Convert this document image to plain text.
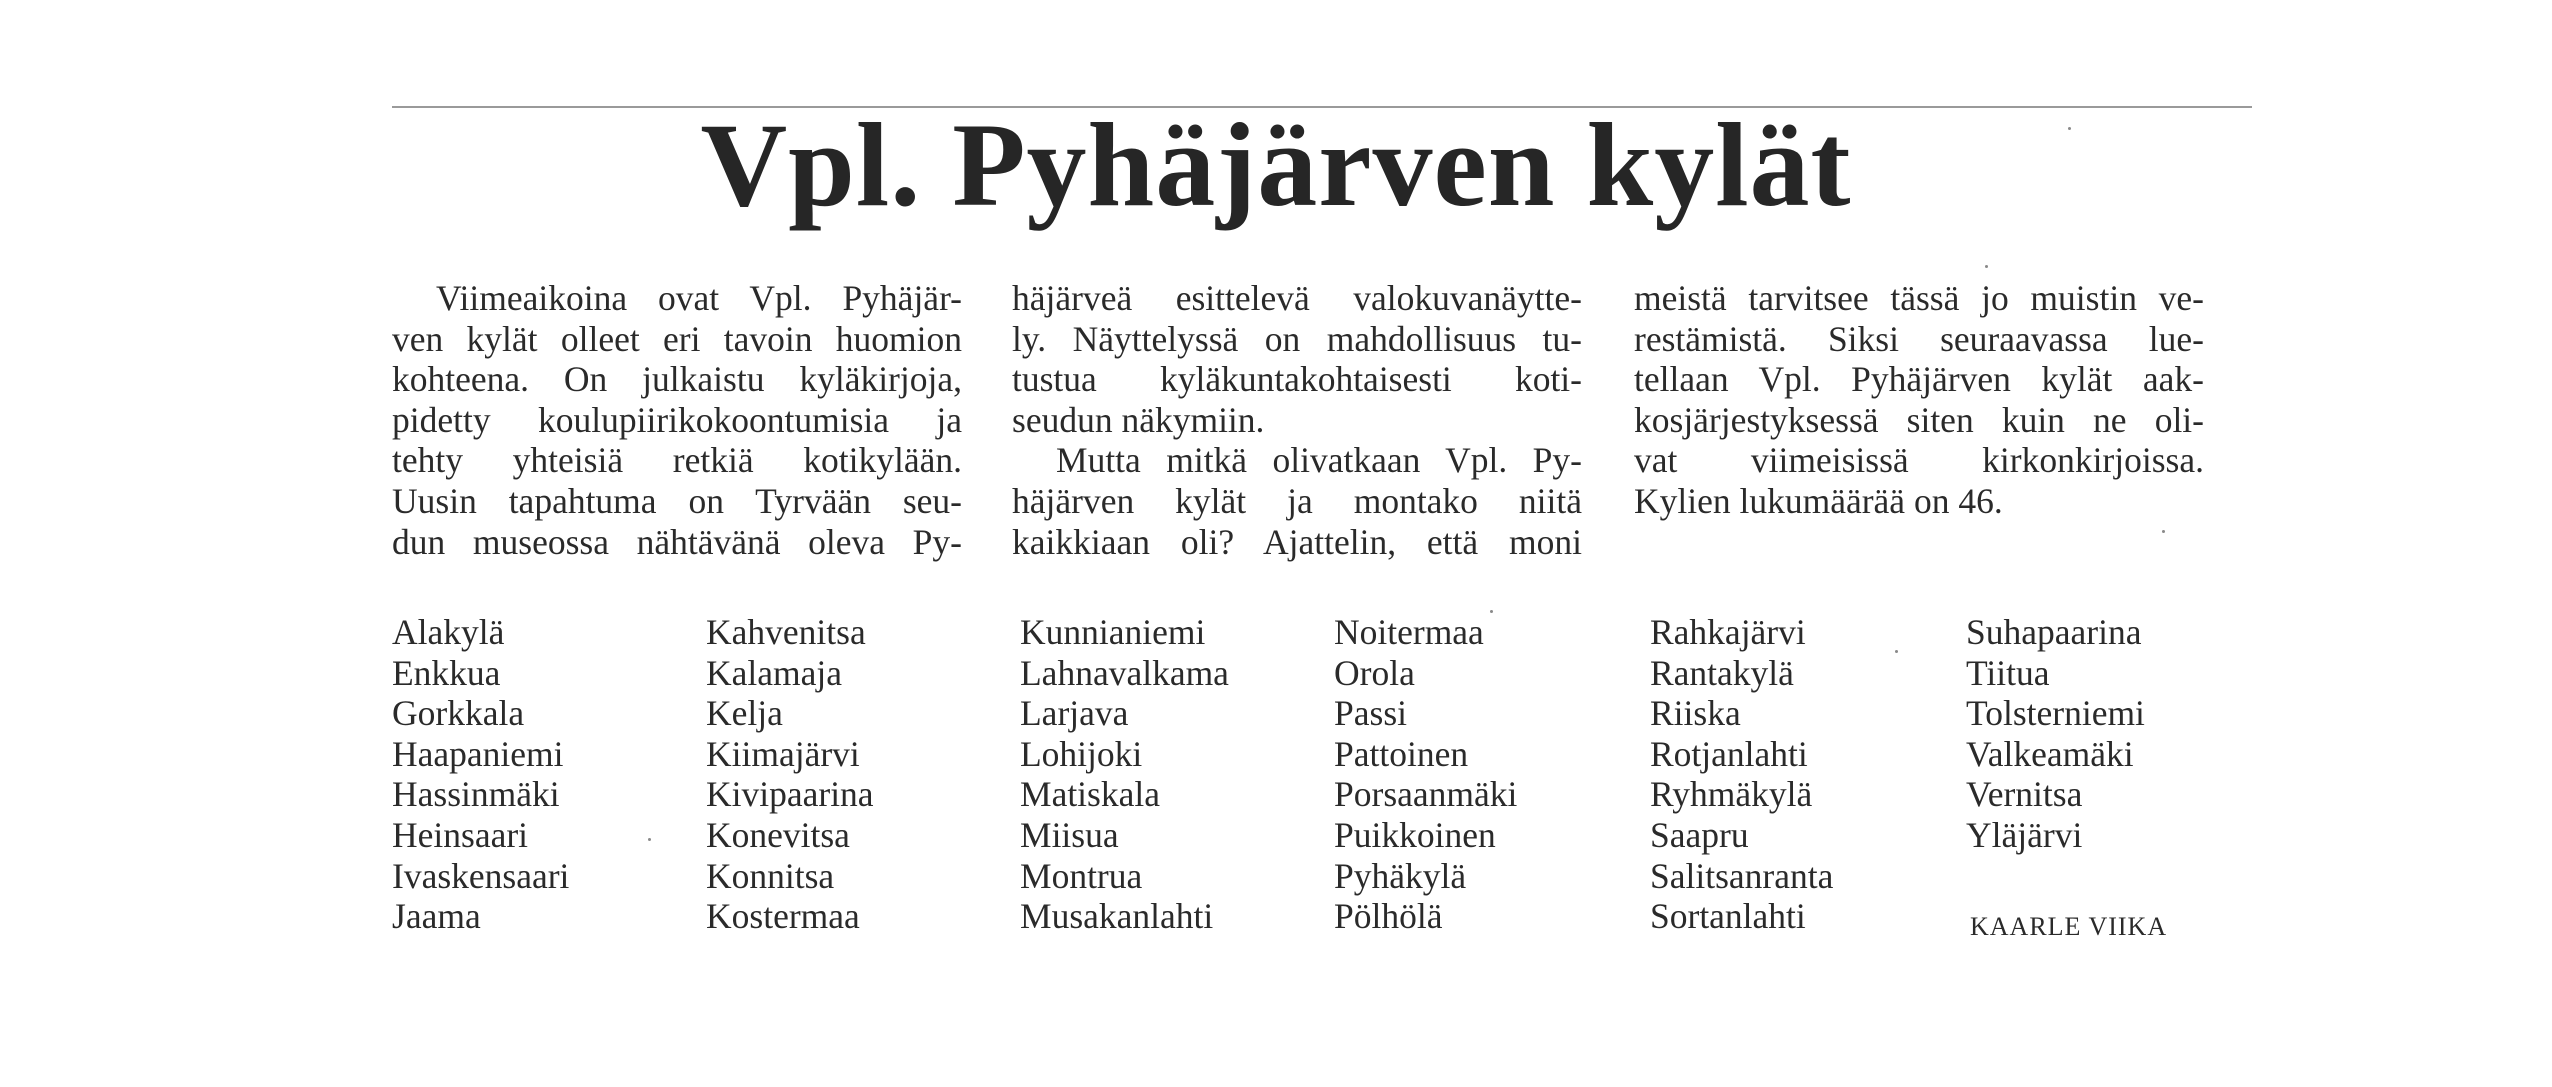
Vpl. Pyhäjärven kylät
Viimeaikoina ovat Vpl. Pyhäjär-
ven kylät olleet eri tavoin huomion
kohteena. On julkaistu kyläkirjoja,
pidetty koulupiirikokoontumisia ja
tehty yhteisiä retkiä kotikylään.
Uusin tapahtuma on Tyrvään seu-
dun museossa nähtävänä oleva Py-
häjärveä esittelevä valokuvanäytte-
ly. Näyttelyssä on mahdollisuus tu-
tustua kyläkuntakohtaisesti koti-
seudun näkymiin.
Mutta mitkä olivatkaan Vpl. Py-
häjärven kylät ja montako niitä
kaikkiaan oli? Ajattelin, että moni
meistä tarvitsee tässä jo muistin ve-
restämistä. Siksi seuraavassa lue-
tellaan Vpl. Pyhäjärven kylät aak-
kosjärjestyksessä siten kuin ne oli-
vat viimeisissä kirkonkirjoissa.
Kylien lukumäärää on 46.
Alakylä
Enkkua
Gorkkala
Haapaniemi
Hassinmäki
Heinsaari
Ivaskensaari
Jaama
Kahvenitsa
Kalamaja
Kelja
Kiimajärvi
Kivipaarina
Konevitsa
Konnitsa
Kostermaa
Kunnianiemi
Lahnavalkama
Larjava
Lohijoki
Matiskala
Miisua
Montrua
Musakanlahti
Noitermaa
Orola
Passi
Pattoinen
Porsaanmäki
Puikkoinen
Pyhäkylä
Pölhölä
Rahkajärvi
Rantakylä
Riiska
Rotjanlahti
Ryhmäkylä
Saapru
Salitsanranta
Sortanlahti
Suhapaarina
Tiitua
Tolsterniemi
Valkeamäki
Vernitsa
Yläjärvi
KAARLE VIIKA
